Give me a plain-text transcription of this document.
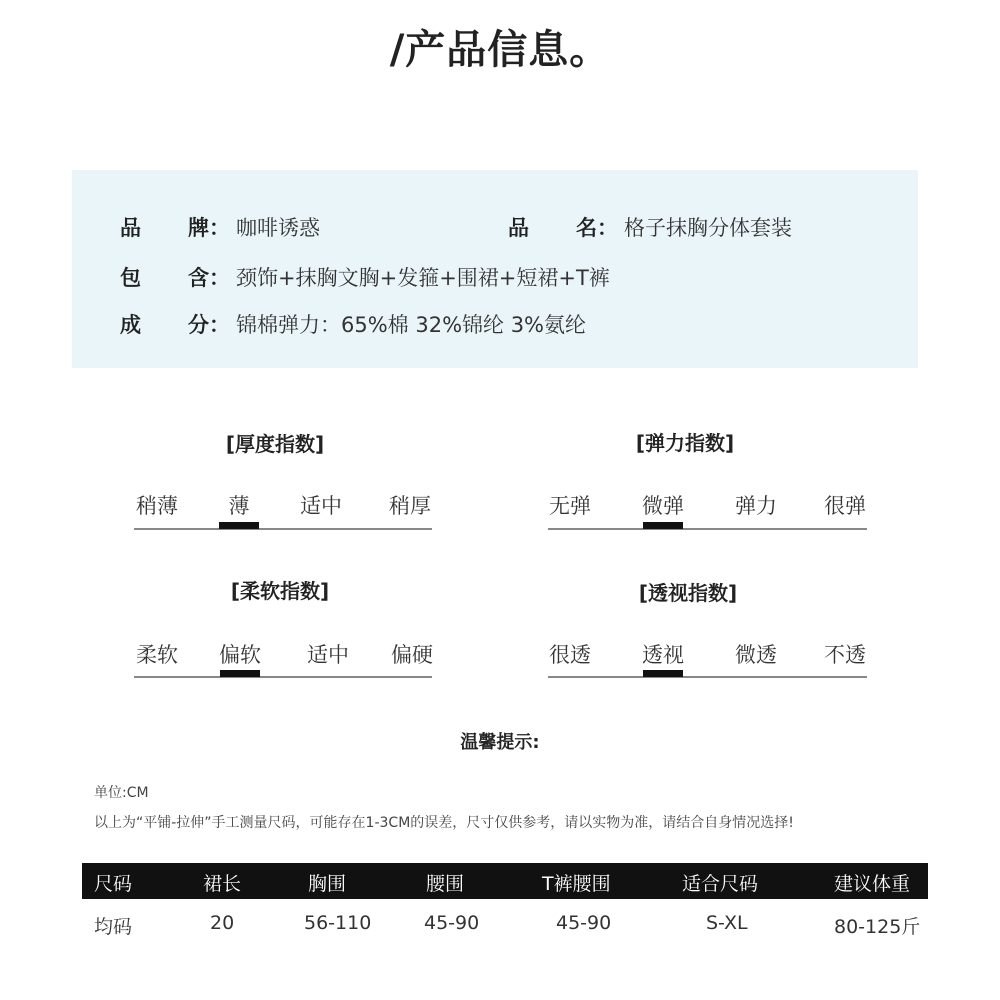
/产品信息。
品 牌： 咖啡诱惑	品 名： 格子抹胸分体套装
包 含： 颈饰+抹胸文胸+发箍+围裙+短裙+T裤
成 分： 锦棉弹力：65%棉 32%锦纶 3%氨纶
[厚度指数]
稍薄	薄	适中	稍厚
[弹力指数]
无弹	微弹	弹力	很弹
[柔软指数]
柔软	偏软	适中	偏硬
[透视指数]
很透	透视	微透	不透
温馨提示:
单位:CM
以上为“平铺-拉伸”手工测量尺码，可能存在1-3CM的误差，尺寸仅供参考，请以实物为准，请结合自身情况选择!
尺码	裙长	胸围	腰围	T裤腰围	适合尺码	建议体重
均码	20	56-110	45-90	45-90	S-XL	80-125斤
